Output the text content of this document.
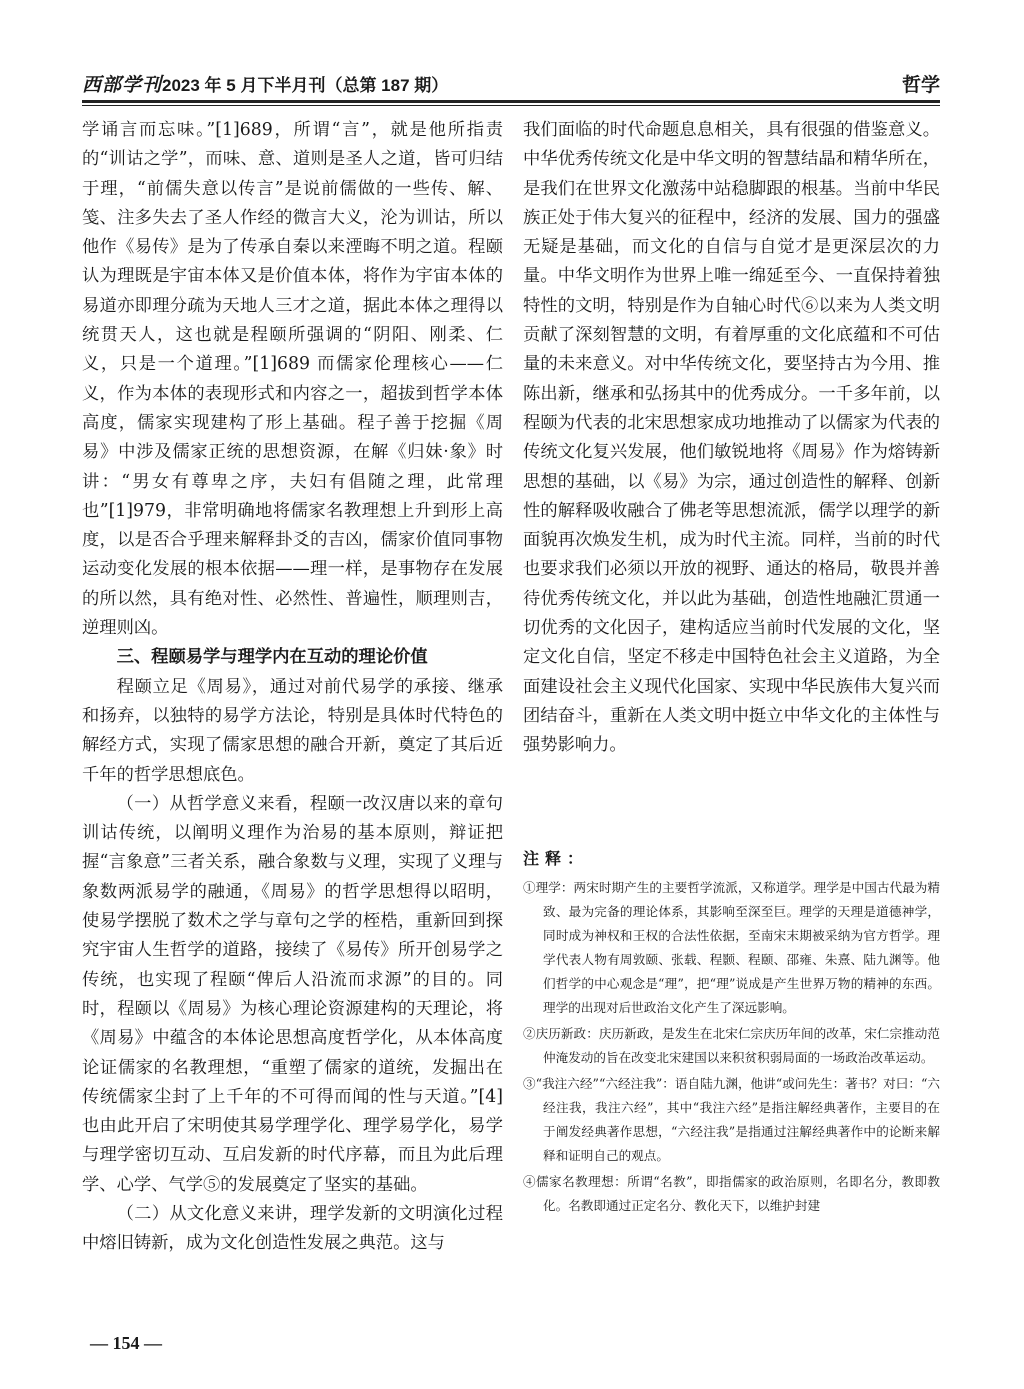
西部学刊 2023 年 5 月下半月刊（总第 187 期）	哲学

学诵言而忘味。”[1]689，所谓“言”，就是他所指责的“训诂之学”，而味、意、道则是圣人之道，皆可归结于理，“前儒失意以传言”是说前儒做的一些传、解、笺、注多失去了圣人作经的微言大义，沦为训诂，所以他作《易传》是为了传承自秦以来湮晦不明之道。程颐认为理既是宇宙本体又是价值本体，将作为宇宙本体的易道亦即理分疏为天地人三才之道，据此本体之理得以统贯天人，这也就是程颐所强调的“阴阳、刚柔、仁义，只是一个道理。”[1]689 而儒家伦理核心——仁义，作为本体的表现形式和内容之一，超拔到哲学本体高度，儒家实现建构了形上基础。程子善于挖掘《周易》中涉及儒家正统的思想资源，在解《归妹·象》时讲：“男女有尊卑之序，夫妇有倡随之理，此常理也”[1]979，非常明确地将儒家名教理想上升到形上高度，以是否合乎理来解释卦爻的吉凶，儒家价值同事物运动变化发展的根本依据——理一样，是事物存在发展的所以然，具有绝对性、必然性、普遍性，顺理则吉，逆理则凶。

三、程颐易学与理学内在互动的理论价值

程颐立足《周易》，通过对前代易学的承接、继承和扬弃，以独特的易学方法论，特别是具体时代特色的解经方式，实现了儒家思想的融合开新，奠定了其后近千年的哲学思想底色。

（一）从哲学意义来看，程颐一改汉唐以来的章句训诂传统，以阐明义理作为治易的基本原则，辩证把握“言象意”三者关系，融合象数与义理，实现了义理与象数两派易学的融通，《周易》的哲学思想得以昭明，使易学摆脱了数术之学与章句之学的桎梏，重新回到探究宇宙人生哲学的道路，接续了《易传》所开创易学之传统，也实现了程颐“俾后人沿流而求源”的目的。同时，程颐以《周易》为核心理论资源建构的天理论，将《周易》中蕴含的本体论思想高度哲学化，从本体高度论证儒家的名教理想，“重塑了儒家的道统，发掘出在传统儒家尘封了上千年的不可得而闻的性与天道。”[4] 也由此开启了宋明使其易学理学化、理学易学化，易学与理学密切互动、互启发新的时代序幕，而且为此后理学、心学、气学⑤的发展奠定了坚实的基础。

（二）从文化意义来讲，理学发新的文明演化过程中熔旧铸新，成为文化创造性发展之典范。这与

我们面临的时代命题息息相关，具有很强的借鉴意义。中华优秀传统文化是中华文明的智慧结晶和精华所在，是我们在世界文化激荡中站稳脚跟的根基。当前中华民族正处于伟大复兴的征程中，经济的发展、国力的强盛无疑是基础，而文化的自信与自觉才是更深层次的力量。中华文明作为世界上唯一绵延至今、一直保持着独特性的文明，特别是作为自轴心时代⑥以来为人类文明贡献了深刻智慧的文明，有着厚重的文化底蕴和不可估量的未来意义。对中华传统文化，要坚持古为今用、推陈出新，继承和弘扬其中的优秀成分。一千多年前，以程颐为代表的北宋思想家成功地推动了以儒家为代表的传统文化复兴发展，他们敏锐地将《周易》作为熔铸新思想的基础，以《易》为宗，通过创造性的解释、创新性的解释吸收融合了佛老等思想流派，儒学以理学的新面貌再次焕发生机，成为时代主流。同样，当前的时代也要求我们必须以开放的视野、通达的格局，敬畏并善待优秀传统文化，并以此为基础，创造性地融汇贯通一切优秀的文化因子，建构适应当前时代发展的文化，坚定文化自信，坚定不移走中国特色社会主义道路，为全面建设社会主义现代化国家、实现中华民族伟大复兴而团结奋斗，重新在人类文明中挺立中华文化的主体性与强势影响力。

注释：

①理学：两宋时期产生的主要哲学流派，又称道学。理学是中国古代最为精致、最为完备的理论体系，其影响至深至巨。理学的天理是道德神学，同时成为神权和王权的合法性依据，至南宋末期被采纳为官方哲学。理学代表人物有周敦颐、张载、程颢、程颐、邵雍、朱熹、陆九渊等。他们哲学的中心观念是“理”，把“理”说成是产生世界万物的精神的东西。理学的出现对后世政治文化产生了深远影响。

②庆历新政：庆历新政，是发生在北宋仁宗庆历年间的改革，宋仁宗推动范仲淹发动的旨在改变北宋建国以来积贫积弱局面的一场政治改革运动。

③“我注六经”“六经注我”：语自陆九渊，他讲“或问先生：著书？对曰：“六经注我，我注六经”，其中“我注六经”是指注解经典著作，主要目的在于阐发经典著作思想，“六经注我”是指通过注解经典著作中的论断来解释和证明自己的观点。

④儒家名教理想：所谓“名教”，即指儒家的政治原则，名即名分，教即教化。名教即通过正定名分、教化天下，以维护封建

— 154 —
